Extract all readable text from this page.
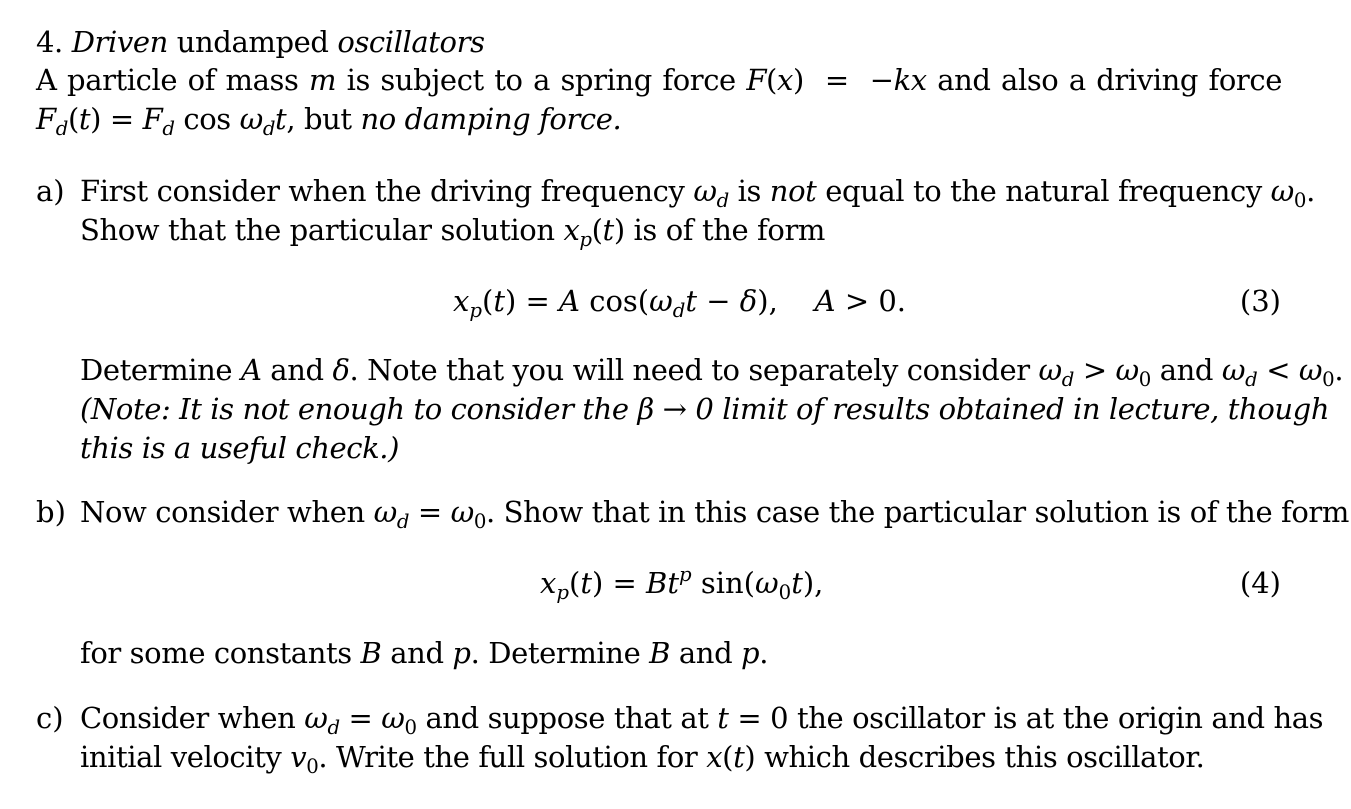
4. Driven undamped oscillators
A particle of mass m is subject to a spring force F(x)  =  −kx and also a driving force
$F_d(t) = F_d$ $\cos \omega_dt$, but no damping force.
a) First consider when the driving frequency $\omega_d$ is not equal to the natural frequency $\omega_0$.
Show that the particular solution $x_p(t)$ is of the form
$x_p(t) = A$ $\cos(\omega_dt - \delta)$,    A > 0.	(3)
Determine A and δ. Note that you will need to separately consider $\omega_d > \omega_0$ and $\omega_d < \omega_0$.
(Note: It is not enough to consider the β → 0 limit of results obtained in lecture, though
this is a useful check.)
b) Now consider when $\omega_d = \omega_0$. Show that in this case the particular solution is of the form
$x_p(t) = Bt^p$ $\sin(\omega_0t)$,	(4)
for some constants B and p. Determine B and p.
c) Consider when $\omega_d = \omega_0$ and suppose that at t = 0 the oscillator is at the origin and has
initial velocity $v_0$. Write the full solution for x(t) which describes this oscillator.
